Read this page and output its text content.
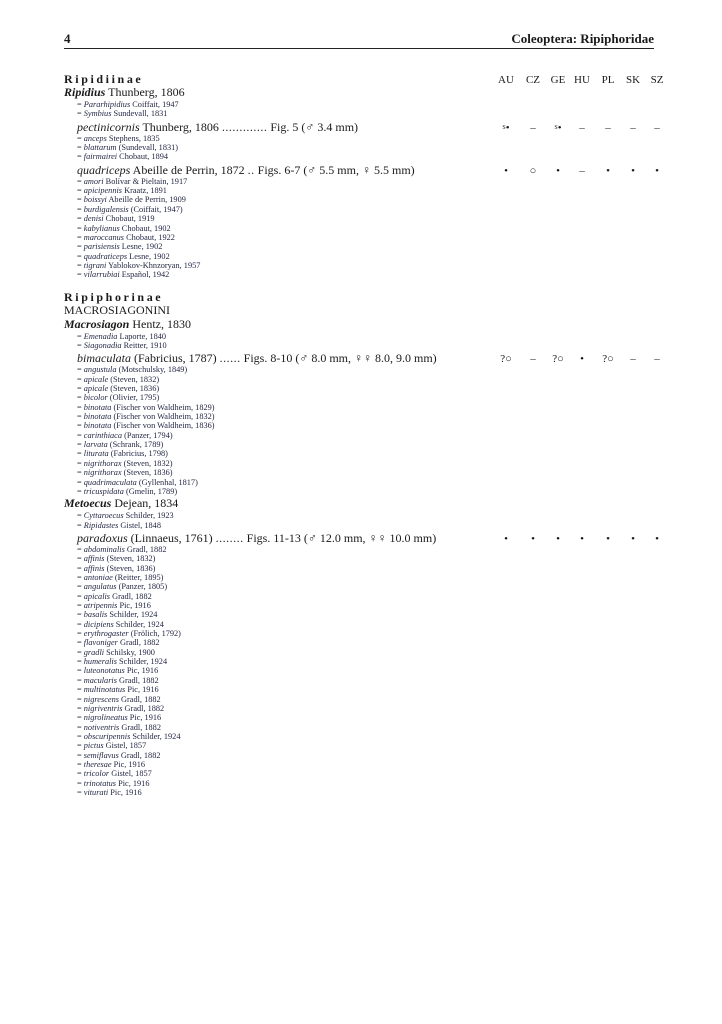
4	Coleoptera: Ripiphoridae
AU	CZ GE HU	PL	SK SZ
Ripidiinae
Ripidius Thunberg, 1806
= Pararhipidius Coiffait, 1947
= Symbius Sundevall, 1831
pectinicornis Thunberg, 1806 ............. Fig. 5 (♂ 3.4 mm)	$^S$•	–	$^S$•	–	–	–	–
= anceps Stephens, 1835
= blattarum (Sundevall, 1831)
= fairmairei Chobaut, 1894
quadriceps Abeille de Perrin, 1872 .. Figs. 6-7 (♂ 5.5 mm, ♀ 5.5 mm)	•	○	•	–	•	•	•
= amori Bolívar & Pieltain, 1917
= apicipennis Kraatz, 1891
= boissyi Abeille de Perrin, 1909
= burdigalensis (Coiffait, 1947)
= denisi Chobaut, 1919
= kabylianus Chobaut, 1902
= maroccanus Chobaut, 1922
= parisiensis Lesne, 1902
= quadraticeps Lesne, 1902
= tigrani Yablokov-Khnzoryan, 1957
= vilarrubiai Español, 1942
Ripiphorinae
MACROSIAGONINI
Macrosiagon Hentz, 1830
= Emenadia Laporte, 1840
= Siagonadia Reitter, 1910
bimaculata (Fabricius, 1787) ...... Figs. 8-10 (♂ 8.0 mm, ♀♀ 8.0, 9.0 mm)	?○	–	?○	•	?○	–	–
= angustula (Motschulsky, 1849)
= apicale (Steven, 1832)
= apicale (Steven, 1836)
= bicolor (Olivier, 1795)
= binotata (Fischer von Waldheim, 1829)
= binotata (Fischer von Waldheim, 1832)
= binotata (Fischer von Waldheim, 1836)
= carinthiaca (Panzer, 1794)
= larvata (Schrank, 1789)
= liturata (Fabricius, 1798)
= nigrithorax (Steven, 1832)
= nigrithorax (Steven, 1836)
= quadrimaculata (Gyllenhal, 1817)
= tricuspidata (Gmelin, 1789)
Metoecus Dejean, 1834
= Cyttaroecus Schilder, 1923
= Ripidastes Gistel, 1848
paradoxus (Linnaeus, 1761) ........ Figs. 11-13 (♂ 12.0 mm, ♀♀ 10.0 mm)	•	•	•	•	•	•	•
= abdominalis Gradl, 1882
= affinis (Steven, 1832)
= affinis (Steven, 1836)
= antoniae (Reitter, 1895)
= angulatus (Panzer, 1805)
= apicalis Gradl, 1882
= atripennis Pic, 1916
= basalis Schilder, 1924
= dicipiens Schilder, 1924
= erythrogaster (Frölich, 1792)
= flavoniger Gradl, 1882
= gradli Schilsky, 1900
= humeralis Schilder, 1924
= luteonotatus Pic, 1916
= macularis Gradl, 1882
= multinotatus Pic, 1916
= nigrescens Gradl, 1882
= nigriventris Gradl, 1882
= nigrolineatus Pic, 1916
= notiventris Gradl, 1882
= obscuripennis Schilder, 1924
= pictus Gistel, 1857
= semiflavus Gradl, 1882
= theresae Pic, 1916
= tricolor Gistel, 1857
= trinotatus Pic, 1916
= viturati Pic, 1916
